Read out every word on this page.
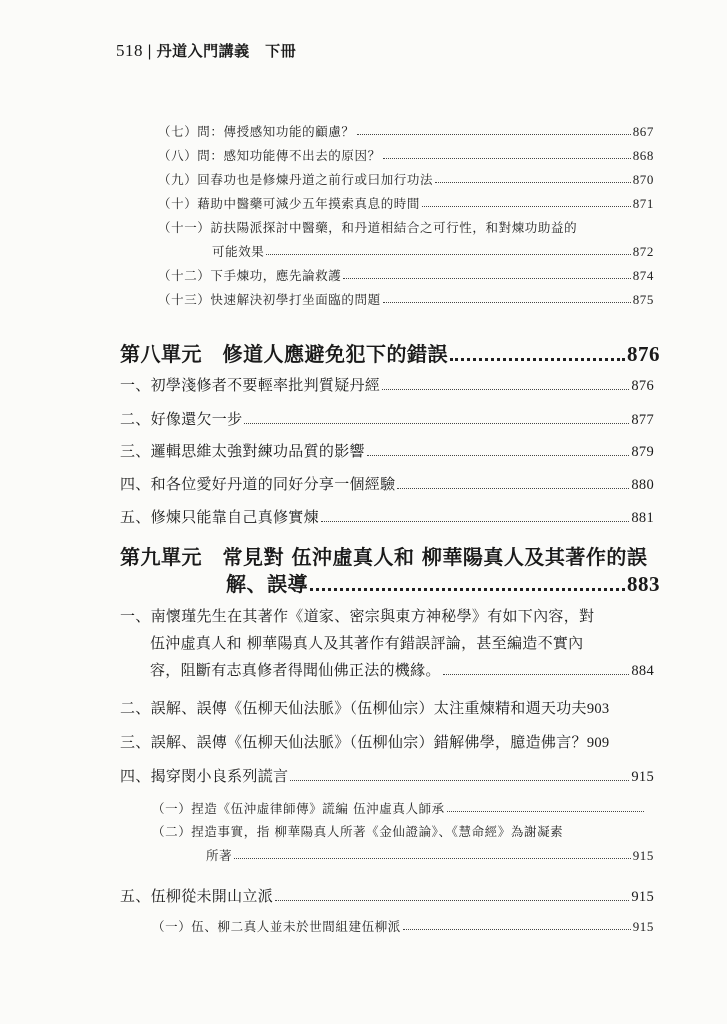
518 | 丹道入門講義　 下冊
（七）問：傳授感知功能的顧慮？	867
（八）問：感知功能傳不出去的原因？	868
（九）回春功也是修煉丹道之前行或曰加行功法	870
（十）藉助中醫藥可減少五年摸索真息的時間	871
（十一）訪扶陽派探討中醫藥，和丹道相結合之可行性，和對煉功助益的
可能效果	872
（十二）下手煉功，應先論救護	874
（十三）快速解決初學打坐面臨的問題	875
第八單元　修道人應避免犯下的錯誤	876
一、初學淺修者不要輕率批判質疑丹經	876
二、好像還欠一步	877
三、邏輯思維太強對練功品質的影響	879
四、和各位愛好丹道的同好分享一個經驗	880
五、修煉只能靠自己真修實煉	881
第九單元　常見對 伍沖虛真人和 柳華陽真人及其著作的誤
解、誤導	883
一、南懷瑾先生在其著作《道家、密宗與東方神秘學》有如下內容，對
伍沖虛真人和 柳華陽真人及其著作有錯誤評論，甚至編造不實內
容，阻斷有志真修者得聞仙佛正法的機緣。	884
二、誤解、誤傳《伍柳天仙法脈》（伍柳仙宗）太注重煉精和週天功夫 903
三、誤解、誤傳《伍柳天仙法脈》（伍柳仙宗）錯解佛學，臆造佛言？ 909
四、揭穿閔小良系列謊言	915
（一）捏造《伍沖虛律師傳》謊編 伍沖虛真人師承
（二）捏造事實，指 柳華陽真人所著《金仙證論》、《慧命經》為謝凝素
所著	915
五、伍柳從未開山立派	915
（一）伍、柳二真人並未於世間組建伍柳派	915
